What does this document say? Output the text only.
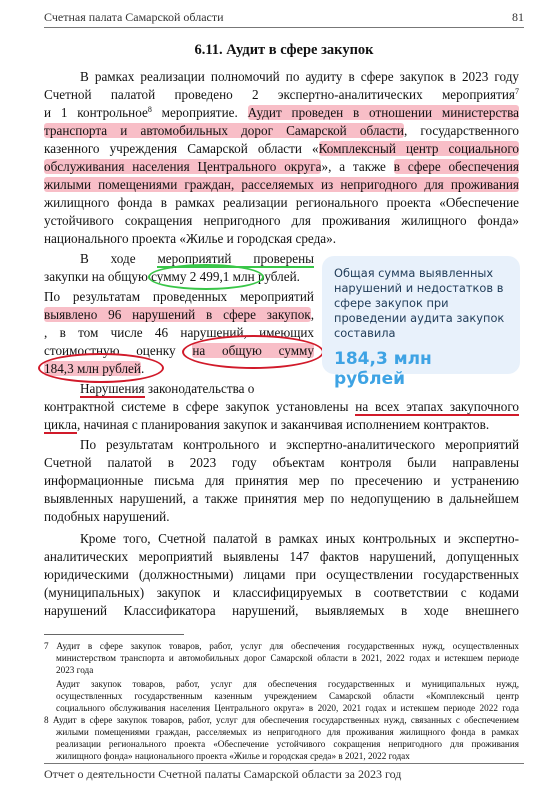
Счетная палата Самарской области	81
6.11. Аудит в сфере закупок
В рамках реализации полномочий по аудиту в сфере закупок в 2023 году
Счетной палатой проведено 2 экспертно-аналитических мероприятия$^7$
и 1 контрольное$^8$ мероприятие. Аудит проведен в отношении министерства
транспорта и автомобильных дорог Самарской области, государственного
казенного учреждения Самарской области «Комплексный центр социального
обслуживания населения Центрального округа», а также в сфере обеспечения
жилыми помещениями граждан, расселяемых из непригодного для проживания
жилищного фонда в рамках реализации регионального проекта «Обеспечение
устойчивого сокращения непригодного для проживания жилищного фонда»
национального проекта «Жилье и городская среда».
В ходе мероприятий проверены
закупки на общую сумму 2 499,1 млн рублей.
По результатам проведенных мероприятий
выявлено 96 нарушений в сфере закупок,
, в том числе 46 нарушений, имеющих
стоимостную оценку на общую сумму
184,3 млн рублей.
Общая сумма выявленных нарушений и недостатков в сфере закупок при проведении аудита закупок составила
184,3 млн рублей
Нарушения законодательства о
контрактной системе в сфере закупок установлены на всех этапах закупочного
цикла, начиная с планирования закупок и заканчивая исполнением контрактов.
По результатам контрольного и экспертно-аналитического мероприятий
Счетной палатой в 2023 году объектам контроля были направлены
информационные письма для принятия мер по пресечению и устранению
выявленных нарушений, а также принятия мер по недопущению в дальнейшем
подобных нарушений.
Кроме того, Счетной палатой в рамках иных контрольных и экспертно-
аналитических мероприятий выявлены 147 фактов нарушений, допущенных
юридическими (должностными) лицами при осуществлении государственных
(муниципальных) закупок и классифицируемых в соответствии с кодами
нарушений Классификатора нарушений, выявляемых в ходе внешнего
7 Аудит в сфере закупок товаров, работ, услуг для обеспечения государственных нужд, осуществленных
министерством транспорта и автомобильных дорог Самарской области в 2021, 2022 годах и истекшем периоде
2023 года
Аудит закупок товаров, работ, услуг для обеспечения государственных и муниципальных нужд,
осуществленных государственным казенным учреждением Самарской области «Комплексный центр
социального обслуживания населения Центрального округа» в 2020, 2021 годах и истекшем периоде 2022 года
8 Аудит в сфере закупок товаров, работ, услуг для обеспечения государственных нужд, связанных с обеспечением
жилыми помещениями граждан, расселяемых из непригодного для проживания жилищного фонда в рамках
реализации регионального проекта «Обеспечение устойчивого сокращения непригодного для проживания
жилищного фонда» национального проекта «Жилье и городская среда» в 2021, 2022 годах
Отчет о деятельности Счетной палаты Самарской области за 2023 год
